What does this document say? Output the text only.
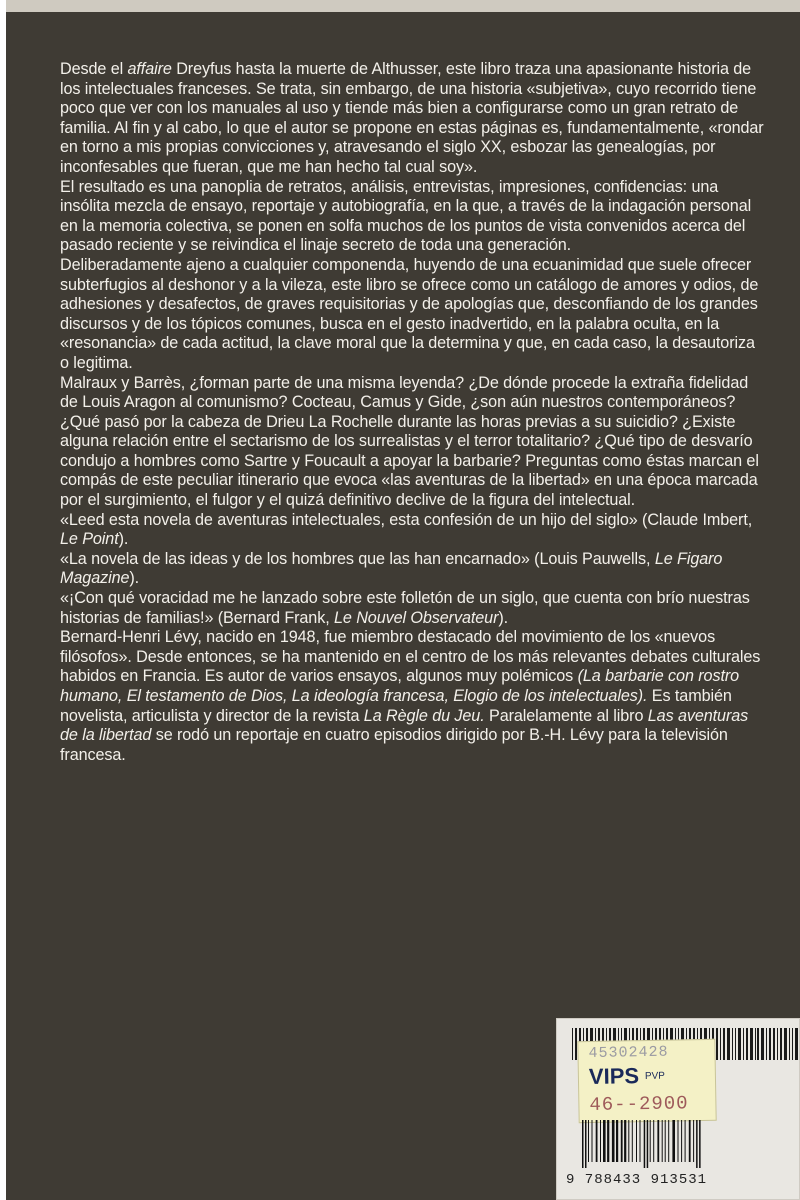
Desde el affaire Dreyfus hasta la muerte de Althusser, este libro traza una apasionante historia de los intelectuales franceses. Se trata, sin embargo, de una historia «subjetiva», cuyo recorrido tiene poco que ver con los manuales al uso y tiende más bien a configurarse como un gran retrato de familia. Al fin y al cabo, lo que el autor se propone en estas páginas es, fundamentalmente, «rondar en torno a mis propias convicciones y, atravesando el siglo XX, esbozar las genealogías, por inconfesables que fueran, que me han hecho tal cual soy».

El resultado es una panoplia de retratos, análisis, entrevistas, impresiones, confidencias: una insólita mezcla de ensayo, reportaje y autobiografía, en la que, a través de la indagación personal en la memoria colectiva, se ponen en solfa muchos de los puntos de vista convenidos acerca del pasado reciente y se reivindica el linaje secreto de toda una generación.

Deliberadamente ajeno a cualquier componenda, huyendo de una ecuanimidad que suele ofrecer subterfugios al deshonor y a la vileza, este libro se ofrece como un catálogo de amores y odios, de adhesiones y desafectos, de graves requisitorias y de apologías que, desconfiando de los grandes discursos y de los tópicos comunes, busca en el gesto inadvertido, en la palabra oculta, en la «resonancia» de cada actitud, la clave moral que la determina y que, en cada caso, la desautoriza o legitima.

Malraux y Barrès, ¿forman parte de una misma leyenda? ¿De dónde procede la extraña fidelidad de Louis Aragon al comunismo? Cocteau, Camus y Gide, ¿son aún nuestros contemporáneos? ¿Qué pasó por la cabeza de Drieu La Rochelle durante las horas previas a su suicidio? ¿Existe alguna relación entre el sectarismo de los surrealistas y el terror totalitario? ¿Qué tipo de desvarío condujo a hombres como Sartre y Foucault a apoyar la barbarie? Preguntas como éstas marcan el compás de este peculiar itinerario que evoca «las aventuras de la libertad» en una época marcada por el surgimiento, el fulgor y el quizá definitivo declive de la figura del intelectual.

«Leed esta novela de aventuras intelectuales, esta confesión de un hijo del siglo» (Claude Imbert, Le Point).

«La novela de las ideas y de los hombres que las han encarnado» (Louis Pauwells, Le Figaro Magazine).

«¡Con qué voracidad me he lanzado sobre este folletón de un siglo, que cuenta con brío nuestras historias de familias!» (Bernard Frank, Le Nouvel Observateur).

Bernard-Henri Lévy, nacido en 1948, fue miembro destacado del movimiento de los «nuevos filósofos». Desde entonces, se ha mantenido en el centro de los más relevantes debates culturales habidos en Francia. Es autor de varios ensayos, algunos muy polémicos (La barbarie con rostro humano, El testamento de Dios, La ideología francesa, Elogio de los intelectuales). Es también novelista, articulista y director de la revista La Règle du Jeu. Paralelamente al libro Las aventuras de la libertad se rodó un reportaje en cuatro episodios dirigido por B.-H. Lévy para la televisión francesa.

45302428
VIPS PVP
46--2900
9 788433 913531
